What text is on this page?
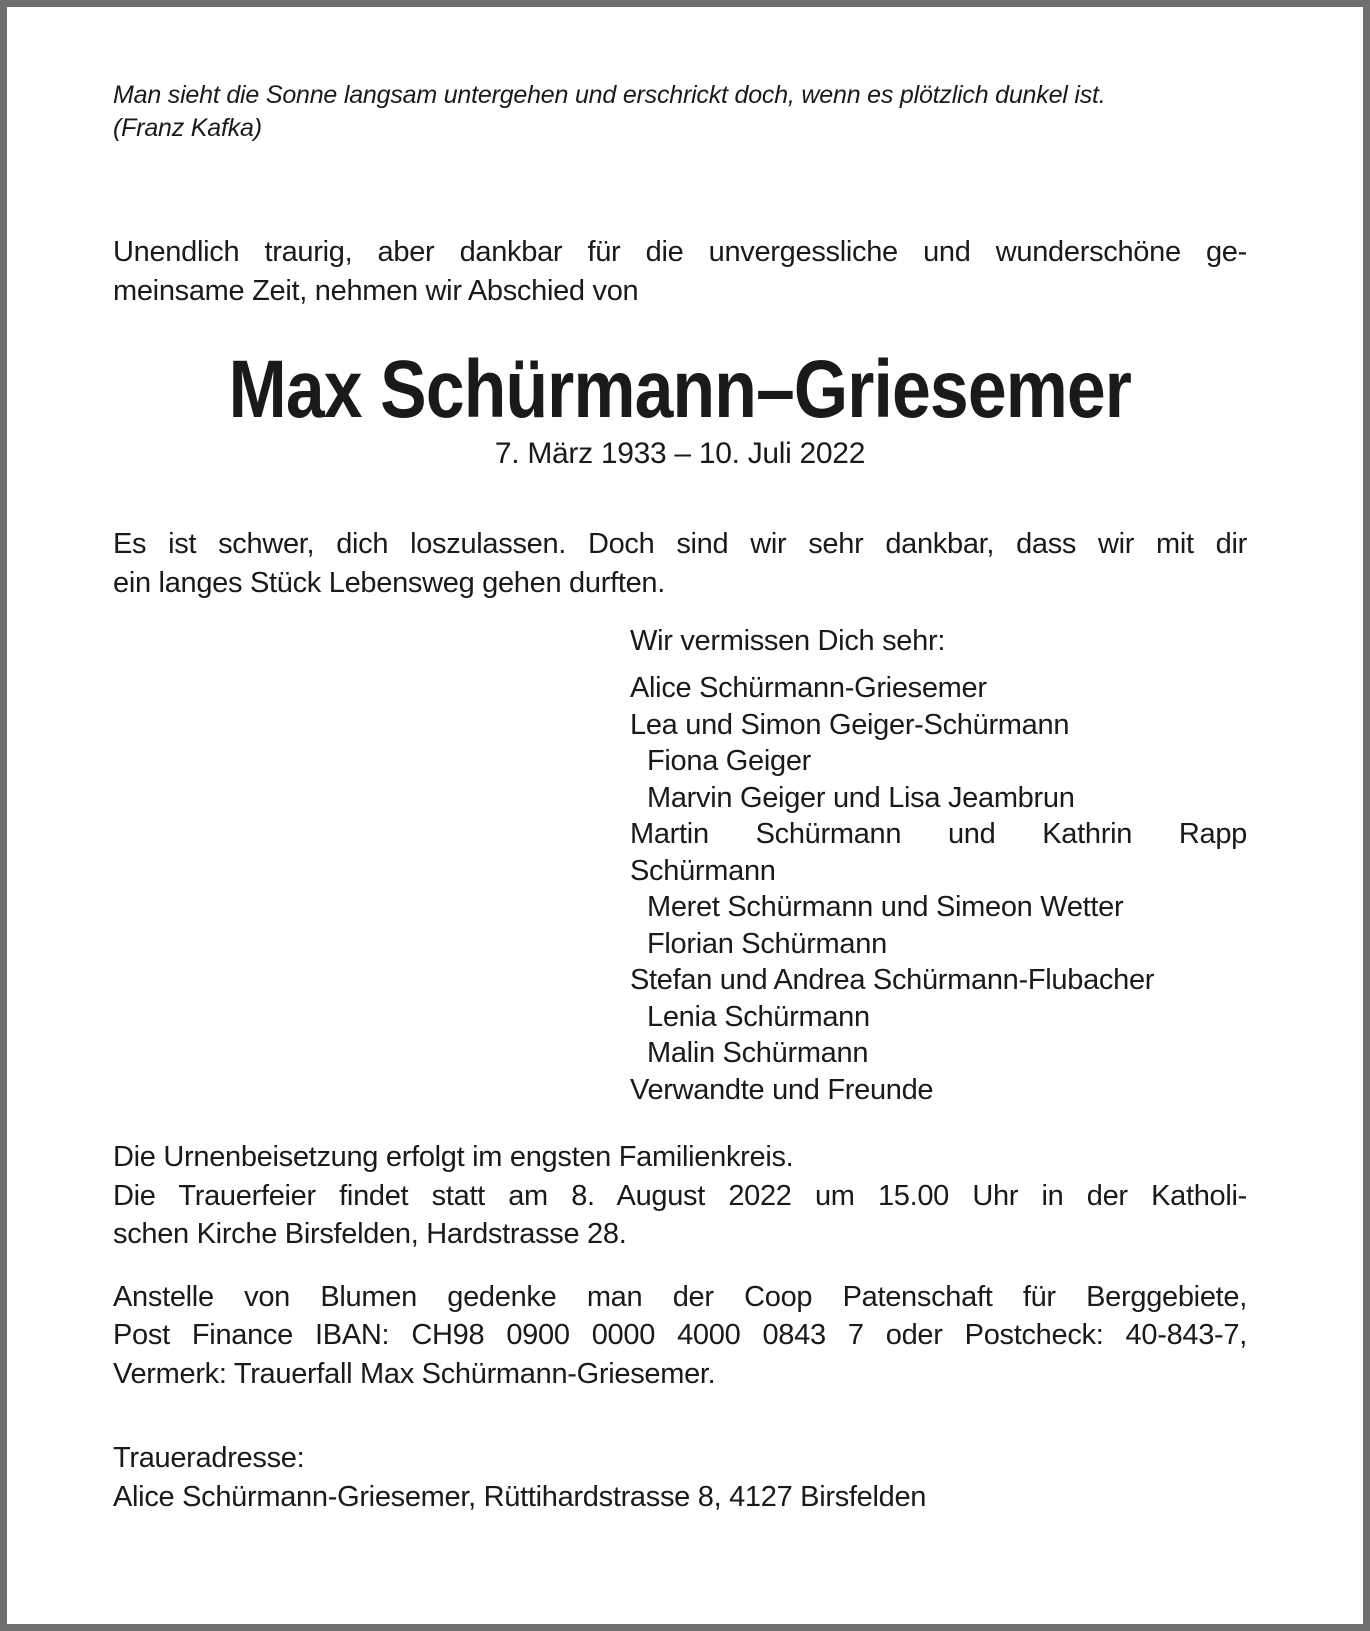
Man sieht die Sonne langsam untergehen und erschrickt doch, wenn es plötzlich dunkel ist.
(Franz Kafka)
Unendlich traurig, aber dankbar für die unvergessliche und wunderschöne ge-
meinsame Zeit, nehmen wir Abschied von
Max Schürmann–Griesemer
7. März 1933 – 10. Juli 2022
Es ist schwer, dich loszulassen. Doch sind wir sehr dankbar, dass wir mit dir
ein langes Stück Lebensweg gehen durften.
Wir vermissen Dich sehr:
Alice Schürmann-Griesemer
Lea und Simon Geiger-Schürmann
Fiona Geiger
Marvin Geiger und Lisa Jeambrun
Martin Schürmann und Kathrin Rapp
Schürmann
Meret Schürmann und Simeon Wetter
Florian Schürmann
Stefan und Andrea Schürmann-Flubacher
Lenia Schürmann
Malin Schürmann
Verwandte und Freunde
Die Urnenbeisetzung erfolgt im engsten Familienkreis.
Die Trauerfeier findet statt am 8. August 2022 um 15.00 Uhr in der Katholi-
schen Kirche Birsfelden, Hardstrasse 28.
Anstelle von Blumen gedenke man der Coop Patenschaft für Berggebiete,
Post Finance IBAN: CH98 0900 0000 4000 0843 7 oder Postcheck: 40-843-7,
Vermerk: Trauerfall Max Schürmann-Griesemer.
Traueradresse:
Alice Schürmann-Griesemer, Rüttihardstrasse 8, 4127 Birsfelden
